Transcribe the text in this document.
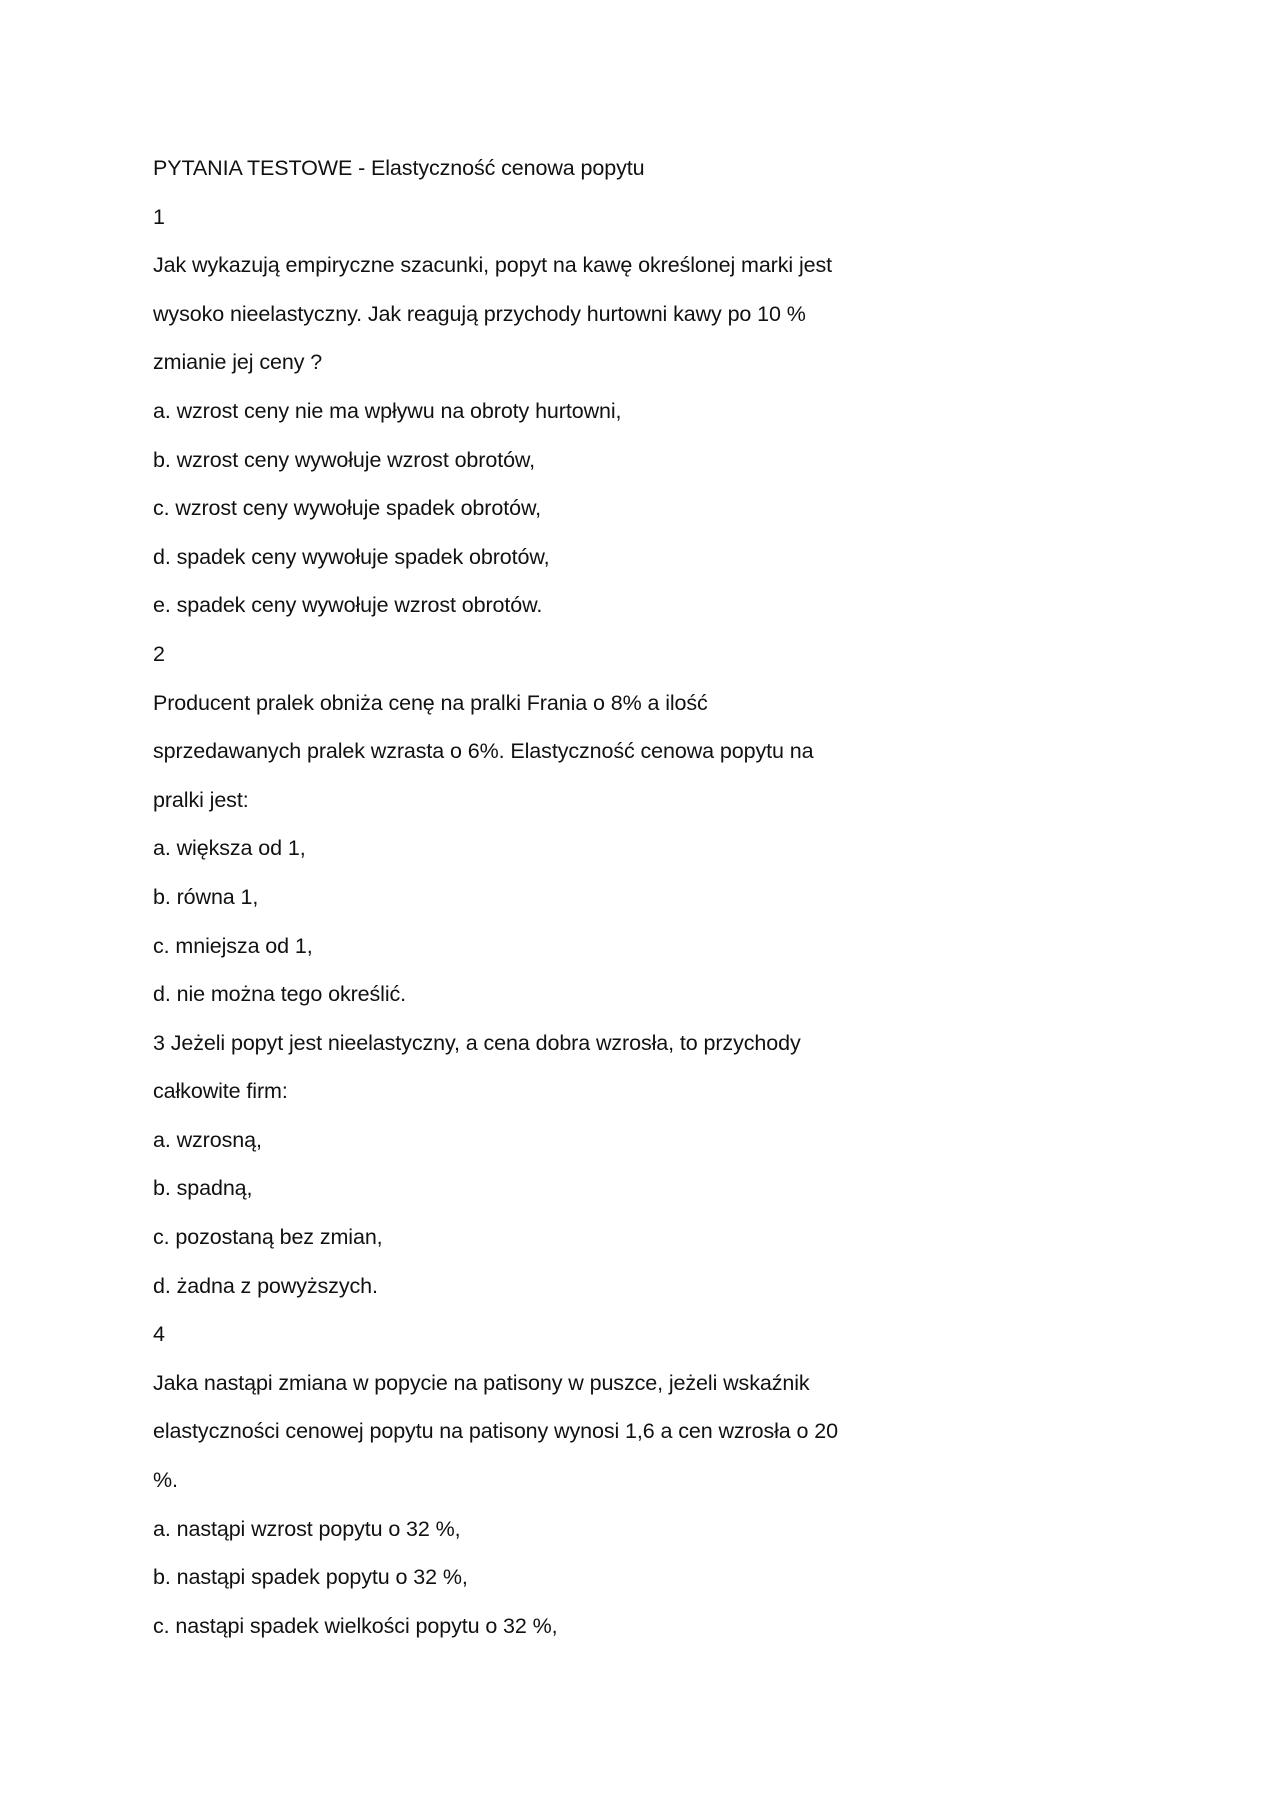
PYTANIA TESTOWE - Elastyczność cenowa popytu
1
Jak wykazują empiryczne szacunki, popyt na kawę określonej marki jest
wysoko nieelastyczny. Jak reagują przychody hurtowni kawy po 10 %
zmianie jej ceny ?
a. wzrost ceny nie ma wpływu na obroty hurtowni,
b. wzrost ceny wywołuje wzrost obrotów,
c. wzrost ceny wywołuje spadek obrotów,
d. spadek ceny wywołuje spadek obrotów,
e. spadek ceny wywołuje wzrost obrotów.
2
Producent pralek obniża cenę na pralki Frania o 8% a ilość
sprzedawanych pralek wzrasta o 6%. Elastyczność cenowa popytu na
pralki jest:
a. większa od 1,
b. równa 1,
c. mniejsza od 1,
d. nie można tego określić.
3 Jeżeli popyt jest nieelastyczny, a cena dobra wzrosła, to przychody
całkowite firm:
a. wzrosną,
b. spadną,
c. pozostaną bez zmian,
d. żadna z powyższych.
4
Jaka nastąpi zmiana w popycie na patisony w puszce, jeżeli wskaźnik
elastyczności cenowej popytu na patisony wynosi 1,6 a cen wzrosła o 20
%.
a. nastąpi wzrost popytu o 32 %,
b. nastąpi spadek popytu o 32 %,
c. nastąpi spadek wielkości popytu o 32 %,
